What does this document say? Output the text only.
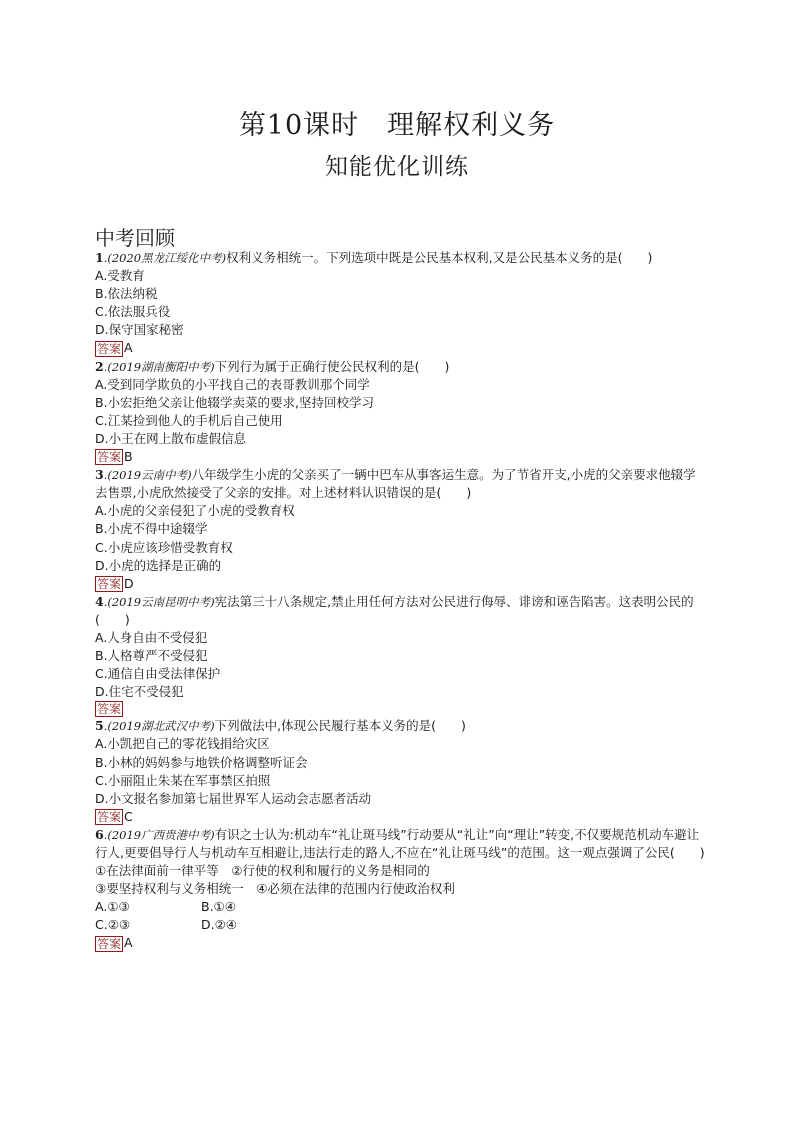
第10课时　理解权利义务
知能优化训练
中考回顾
1.(2020黑龙江绥化中考)权利义务相统一。下列选项中既是公民基本权利,又是公民基本义务的是(　　)
A.受教育
B.依法纳税
C.依法服兵役
D.保守国家秘密
答案 A
2.(2019湖南衡阳中考)下列行为属于正确行使公民权利的是(　　)
A.受到同学欺负的小平找自己的表哥教训那个同学
B.小宏拒绝父亲让他辍学卖菜的要求,坚持回校学习
C.江某捡到他人的手机后自己使用
D.小王在网上散布虚假信息
答案 B
3.(2019云南中考)八年级学生小虎的父亲买了一辆中巴车从事客运生意。为了节省开支,小虎的父亲要求他辍学去售票,小虎欣然接受了父亲的安排。对上述材料认识错误的是(　　)
A.小虎的父亲侵犯了小虎的受教育权
B.小虎不得中途辍学
C.小虎应该珍惜受教育权
D.小虎的选择是正确的
答案 D
4.(2019云南昆明中考)宪法第三十八条规定,禁止用任何方法对公民进行侮辱、诽谤和诬告陷害。这表明公民的(　　)
A.人身自由不受侵犯
B.人格尊严不受侵犯
C.通信自由受法律保护
D.住宅不受侵犯
答案
5.(2019湖北武汉中考)下列做法中,体现公民履行基本义务的是(　　)
A.小凯把自己的零花钱捐给灾区
B.小林的妈妈参与地铁价格调整听证会
C.小丽阻止朱某在军事禁区拍照
D.小文报名参加第七届世界军人运动会志愿者活动
答案 C
6.(2019广西贵港中考)有识之士认为:机动车“礼让斑马线”行动要从“礼让”向“理让”转变,不仅要规范机动车避让行人,更要倡导行人与机动车互相避让,违法行走的路人,不应在“礼让斑马线”的范围。这一观点强调了公民(　　)
①在法律面前一律平等　②行使的权利和履行的义务是相同的
③要坚持权利与义务相统一　④必须在法律的范围内行使政治权利
A.①③	B.①④
C.②③	D.②④
答案 A
